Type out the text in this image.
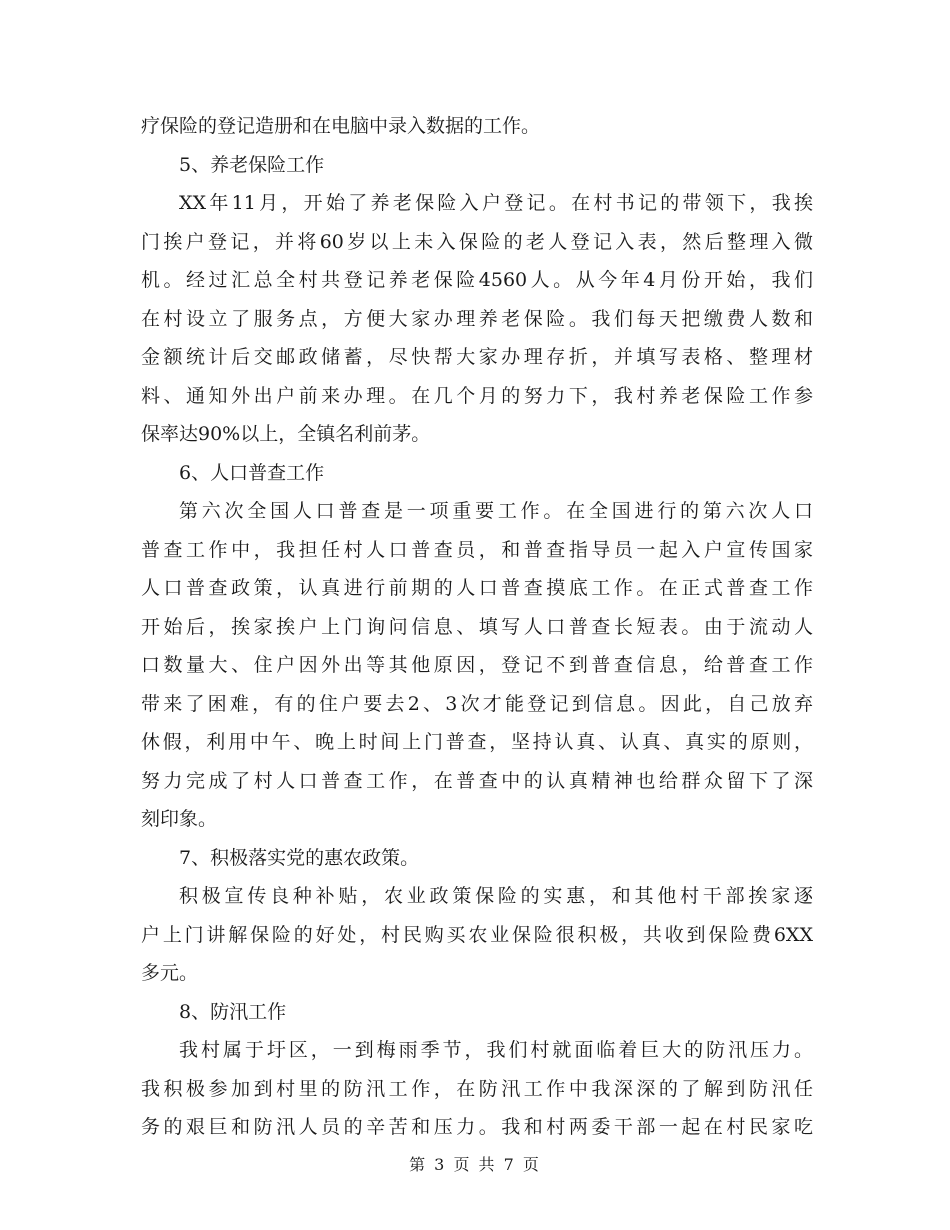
疗保险的登记造册和在电脑中录入数据的工作。
5、养老保险工作
XX年11月，开始了养老保险入户登记。在村书记的带领下，我挨
门挨户登记，并将60岁以上未入保险的老人登记入表，然后整理入微
机。经过汇总全村共登记养老保险4560人。从今年4月份开始，我们
在村设立了服务点，方便大家办理养老保险。我们每天把缴费人数和
金额统计后交邮政储蓄，尽快帮大家办理存折，并填写表格、整理材
料、通知外出户前来办理。在几个月的努力下，我村养老保险工作参
保率达90%以上，全镇名利前茅。
6、人口普查工作
第六次全国人口普查是一项重要工作。在全国进行的第六次人口
普查工作中，我担任村人口普查员，和普查指导员一起入户宣传国家
人口普查政策，认真进行前期的人口普查摸底工作。在正式普查工作
开始后，挨家挨户上门询问信息、填写人口普查长短表。由于流动人
口数量大、住户因外出等其他原因，登记不到普查信息，给普查工作
带来了困难，有的住户要去2、3次才能登记到信息。因此，自己放弃
休假，利用中午、晚上时间上门普查，坚持认真、认真、真实的原则，
努力完成了村人口普查工作，在普查中的认真精神也给群众留下了深
刻印象。
7、积极落实党的惠农政策。
积极宣传良种补贴，农业政策保险的实惠，和其他村干部挨家逐
户上门讲解保险的好处，村民购买农业保险很积极，共收到保险费6XX
多元。
8、防汛工作
我村属于圩区，一到梅雨季节，我们村就面临着巨大的防汛压力。
我积极参加到村里的防汛工作，在防汛工作中我深深的了解到防汛任
务的艰巨和防汛人员的辛苦和压力。我和村两委干部一起在村民家吃
第 3 页 共 7 页
